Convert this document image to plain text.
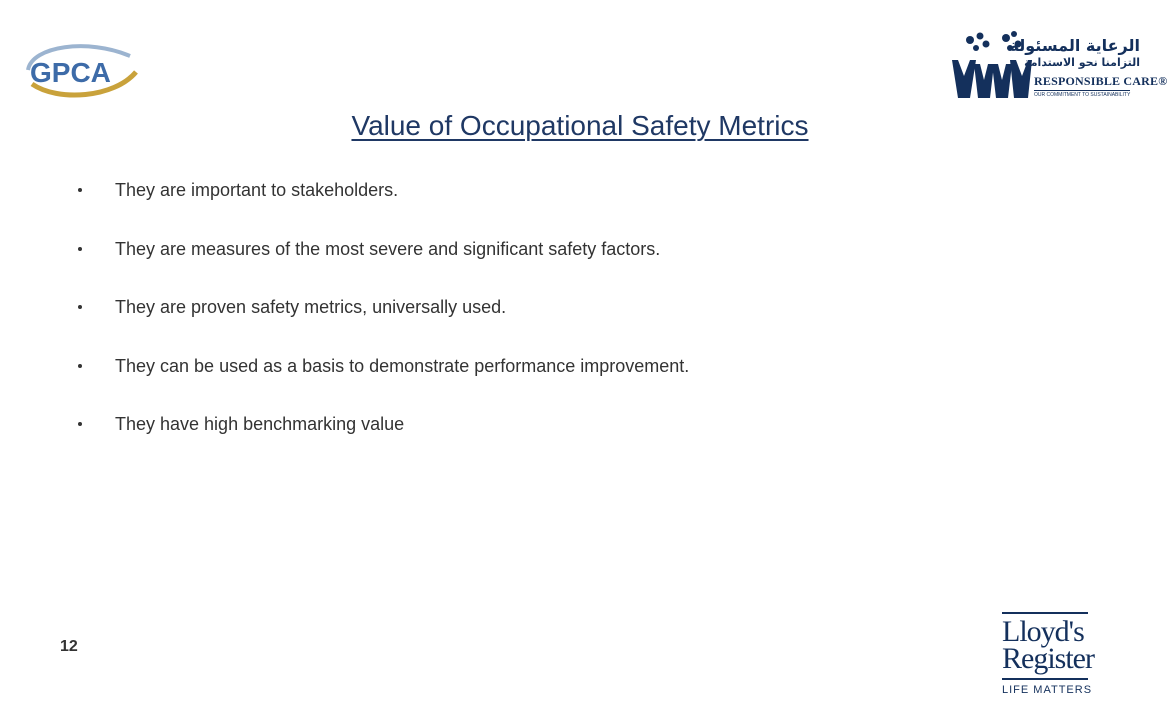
GPCA
الرعاية المسئولة
التزامنا نحو الاستدامة
RESPONSIBLE CARE®
OUR COMMITMENT TO SUSTAINABILITY
Value of Occupational Safety Metrics
They are important to stakeholders.
They are measures of the most severe and significant safety factors.
They are proven safety metrics, universally used.
They can be used as a basis to demonstrate performance improvement.
They have high benchmarking value
12	Lloyd's
Register
LIFE MATTERS
